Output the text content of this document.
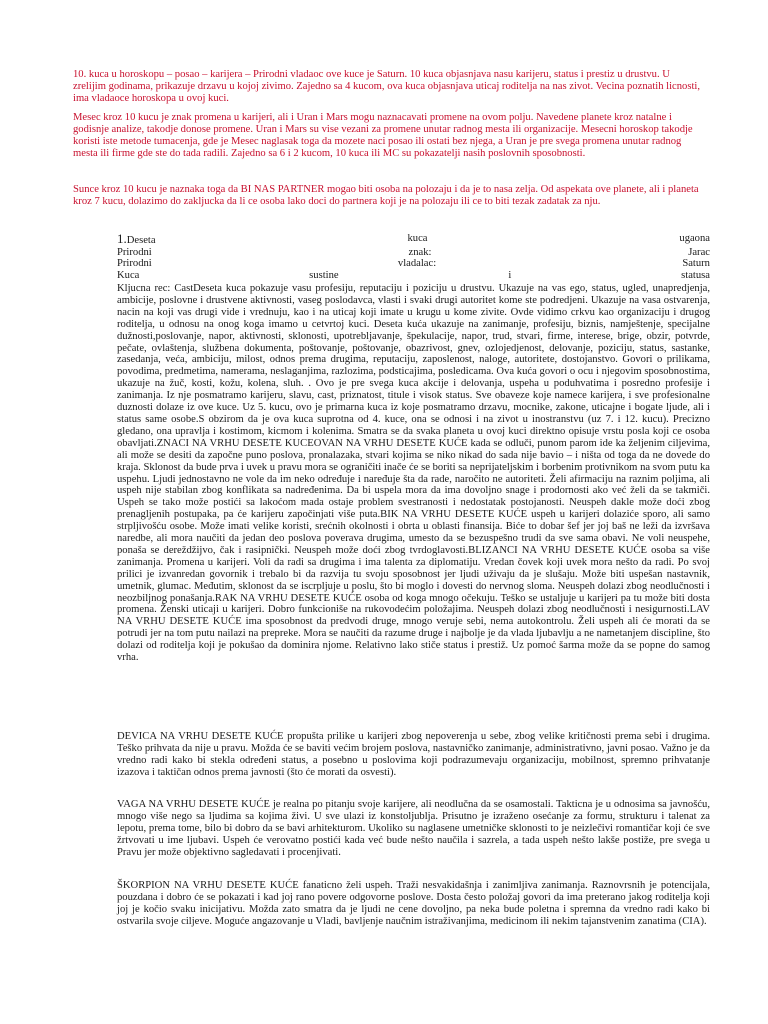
10. kuca u horoskopu – posao – karijera – Prirodni vladaoc ove kuce je Saturn. 10 kuca objasnjava nasu karijeru, status i prestiz u drustvu. U zrelijim godinama, prikazuje drzavu u kojoj zivimo. Zajedno sa 4 kucom, ova kuca objasnjava uticaj roditelja na nas zivot. Vecina poznatih licnosti, ima vladaoce horoskopa u ovoj kuci.

Mesec kroz 10 kucu je znak promena u karijeri, ali i Uran i Mars mogu naznacavati promene na ovom polju. Navedene planete kroz natalne i godisnje analize, takodje donose promene. Uran i Mars su vise vezani za promene unutar radnog mesta ili organizacije. Mesecni horoskop takodje koristi iste metode tumacenja, gde je Mesec naglasak toga da mozete naci posao ili ostati bez njega, a Uran je pre svega promena unutar radnog mesta ili firme gde ste do tada radili. Zajedno sa 6 i 2 kucom, 10 kuca ili MC su pokazatelji nasih poslovnih sposobnosti.

Sunce kroz 10 kucu je naznaka toga da BI NAS PARTNER mogao biti osoba na polozaju i da je to nasa zelja. Od aspekata ove planete, ali i planeta kroz 7 kucu, dolazimo do zakljucka da li ce osoba lako doci do partnera koji je na polozaju ili ce to biti tezak zadatak za nju.

1.Deseta	kuca	ugaona
Prirodni	znak:	Jarac
Prirodni	vladalac:	Saturn
Kuca	sustine	i	statusa

Kljucna rec: CastDeseta kuca pokazuje vasu profesiju, reputaciju i poziciju u drustvu. Ukazuje na vas ego, status, ugled, unapredjenja, ambicije, poslovne i drustvene aktivnosti, vaseg poslodavca, vlasti i svaki drugi autoritet kome ste podredjeni. Ukazuje na vasa ostvarenja, nacin na koji vas drugi vide i vrednuju, kao i na uticaj koji imate u krugu u kome zivite. Ovde vidimo crkvu kao organizaciju i drugog roditelja, u odnosu na onog koga imamo u cetvrtoj kuci. Deseta kuća ukazuje na zanimanje, profesiju, biznis, namještenje, specijalne dužnosti,poslovanje, napor, aktivnosti, sklonosti, upotrebljavanje, špekulacije, napor, trud, stvari, firme, interese, brige, obzir, potvrde, pečate, ovlaštenja, službena dokumenta, poštovanje, poštovanje, obazrivost, gnev, ozlojedjenost, delovanje, poziciju, status, sastanke, zasedanja, veća, ambiciju, milost, odnos prema drugima, reputaciju, zaposlenost, naloge, autoritete, dostojanstvo. Govori o prilikama, povodima, predmetima, namerama, neslaganjima, razlozima, podsticajima, posledicama. Ova kuća govori o ocu i njegovim sposobnostima, ukazuje na žuč, kosti, kožu, kolena, sluh. . Ovo je pre svega kuca akcije i delovanja, uspeha u poduhvatima i posredno profesije i zanimanja. Iz nje posmatramo karijeru, slavu, cast, priznatost, titule i visok status. Sve obaveze koje namece karijera, i sve profesionalne duznosti dolaze iz ove kuce. Uz 5. kucu, ovo je primarna kuca iz koje posmatramo drzavu, mocnike, zakone, uticajne i bogate ljude, ali i status same osobe.S obzirom da je ova kuca suprotna od 4. kuce, ona se odnosi i na zivot u inostranstvu (uz 7. i 12. kucu). Precizno gledano, ona upravlja i kostimom, kicmom i kolenima. Smatra se da svaka planeta u ovoj kuci direktno opisuje vrstu posla koji ce osoba obavljati.ZNACI NA VRHU DESETE KUCEOVAN NA VRHU DESETE KUĆE kada se odluči, punom parom ide ka željenim ciljevima, ali može se desiti da započne puno poslova, pronalazaka, stvari kojima se niko nikad do sada nije bavio – i ništa od toga da ne dovede do kraja. Sklonost da bude prva i uvek u pravu mora se ograničiti inače će se boriti sa neprijateljskim i borbenim protivnikom na svom putu ka uspehu. Ljudi jednostavno ne vole da im neko određuje i naređuje šta da rade, naročito ne autoriteti. Želi afirmaciju na raznim poljima, ali uspeh nije stabilan zbog konflikata sa nadređenima. Da bi uspela mora da ima dovoljno snage i prodornosti ako već želi da se takmiči. Uspeh se tako može postići sa lakoćom mada ostaje problem svestranosti i nedostatak postojanosti. Neuspeh dakle može doći zbog prenagljenih postupaka, pa će karijeru započinjati više puta.BIK NA VRHU DESETE KUĆE uspeh u karijeri dolaziće sporo, ali samo strpljivošću osobe. Može imati velike koristi, srećnih okolnosti i obrta u oblasti finansija. Biće to dobar šef jer joj baš ne leži da izvršava naredbe, ali mora naučiti da jedan deo poslova poverava drugima, umesto da se bezuspešno trudi da sve sama obavi. Ne voli neuspehe, ponaša se dereždžijvo, čak i rasipnički. Neuspeh može doći zbog tvrdoglavosti.BLIZANCI NA VRHU DESETE KUĆE osoba sa više zanimanja. Promena u karijeri. Voli da radi sa drugima i ima talenta za diplomatiju. Vredan čovek koji uvek mora nešto da radi. Po svoj prilici je izvanredan govornik i trebalo bi da razvija tu svoju sposobnost jer ljudi uživaju da je slušaju. Može biti uspešan nastavnik, umetnik, glumac. Međutim, sklonost da se iscrpljuje u poslu, što bi moglo i dovesti do nervnog sloma. Neuspeh dolazi zbog neodlučnosti i neozbiljnog ponašanja.RAK NA VRHU DESETE KUĆE osoba od koga mnogo očekuju. Teško se ustaljuje u karijeri pa tu može biti dosta promena. Ženski uticaji u karijeri. Dobro funkcioniše na rukovodećim položajima. Neuspeh dolazi zbog neodlučnosti i nesigurnosti.LAV NA VRHU DESETE KUĆE ima sposobnost da predvodi druge, mnogo veruje sebi, nema autokontrolu. Želi uspeh ali će morati da se potrudi jer na tom putu nailazi na prepreke. Mora se naučiti da razume druge i najbolje je da vlada ljubavlju a ne nametanjem discipline, što dolazi od roditelja koji je pokušao da dominira njome. Relativno lako stiče status i prestiž. Uz pomoć šarma može da se popne do samog vrha.

DEVICA NA VRHU DESETE KUĆE propušta prilike u karijeri zbog nepoverenja u sebe, zbog velike kritičnosti prema sebi i drugima. Teško prihvata da nije u pravu. Možda će se baviti većim brojem poslova, nastavničko zanimanje, administrativno, javni posao. Važno je da vredno radi kako bi stekla određeni status, a posebno u poslovima koji podrazumevaju organizaciju, mobilnost, spremno prihvatanje izazova i taktičan odnos prema javnosti (što će morati da osvesti).

VAGA NA VRHU DESETE KUĆE je realna po pitanju svoje karijere, ali neodlučna da se osamostali. Takticna je u odnosima sa javnošću, mnogo više nego sa ljudima sa kojima živi. U sve ulazi iz konstoljublja. Prisutno je izraženo osećanje za formu, strukturu i talenat za lepotu, prema tome, bilo bi dobro da se bavi arhitekturom. Ukoliko su naglasene umetničke sklonosti to je neizlečivi romantičar koji će sve žrtvovati u ime ljubavi. Uspeh će verovatno postići kada već bude nešto naučila i sazrela, a tada uspeh nešto lakše postiže, pre svega u Pravu jer može objektivno sagledavati i procenjivati.

ŠKORPION NA VRHU DESETE KUĆE fanaticno želi uspeh. Traži nesvakidašnja i zanimljiva zanimanja. Raznovrsnih je potencijala, pouzdana i dobro će se pokazati i kad joj rano povere odgovorne poslove. Dosta često položaj govori da ima preterano jakog roditelja koji joj je kočio svaku inicijativu. Možda zato smatra da je ljudi ne cene dovoljno, pa neka bude poletna i spremna da vredno radi kako bi ostvarila svoje ciljeve. Moguće angazovanje u Vladi, bavljenje naučnim istraživanjima, medicinom ili nekim tajanstvenim zanatima (CIA).
